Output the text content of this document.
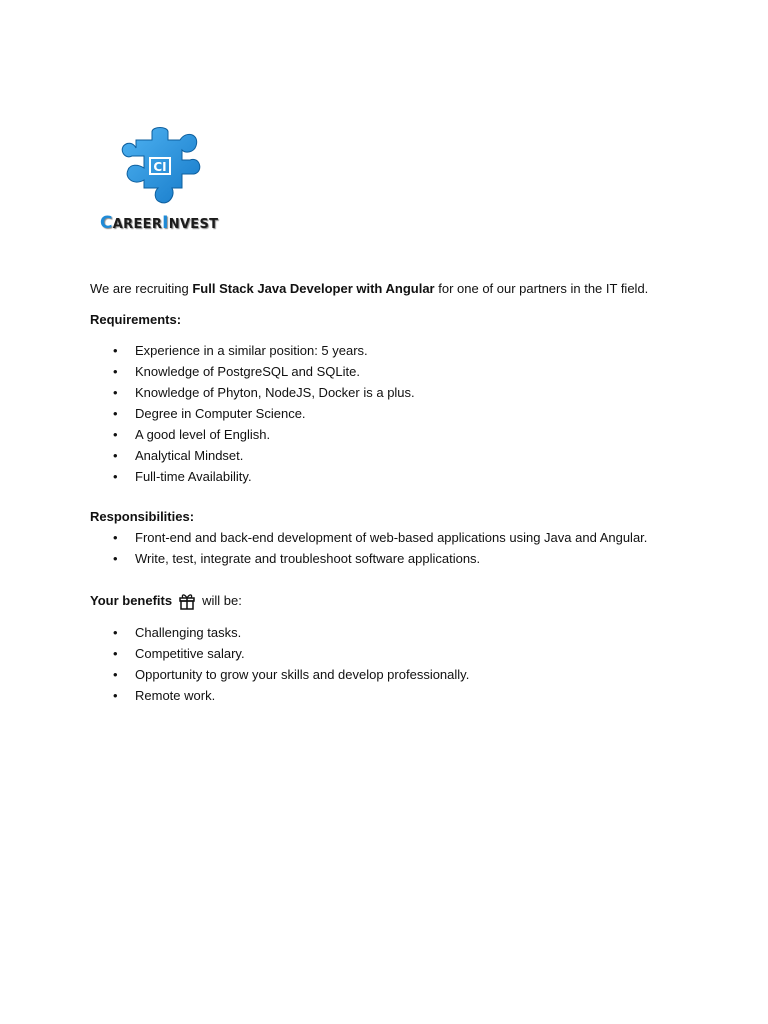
CI
CAREERINVEST

We are recruiting Full Stack Java Developer with Angular for one of our partners in the IT field.

Requirements:

• Experience in a similar position: 5 years.
• Knowledge of PostgreSQL and SQLite.
• Knowledge of Phyton, NodeJS, Docker is a plus.
• Degree in Computer Science.
• A good level of English.
• Analytical Mindset.
• Full-time Availability.

Responsibilities:

• Front-end and back-end development of web-based applications using Java and Angular.
• Write, test, integrate and troubleshoot software applications.

Your benefits will be:

• Challenging tasks.
• Competitive salary.
• Opportunity to grow your skills and develop professionally.
• Remote work.
